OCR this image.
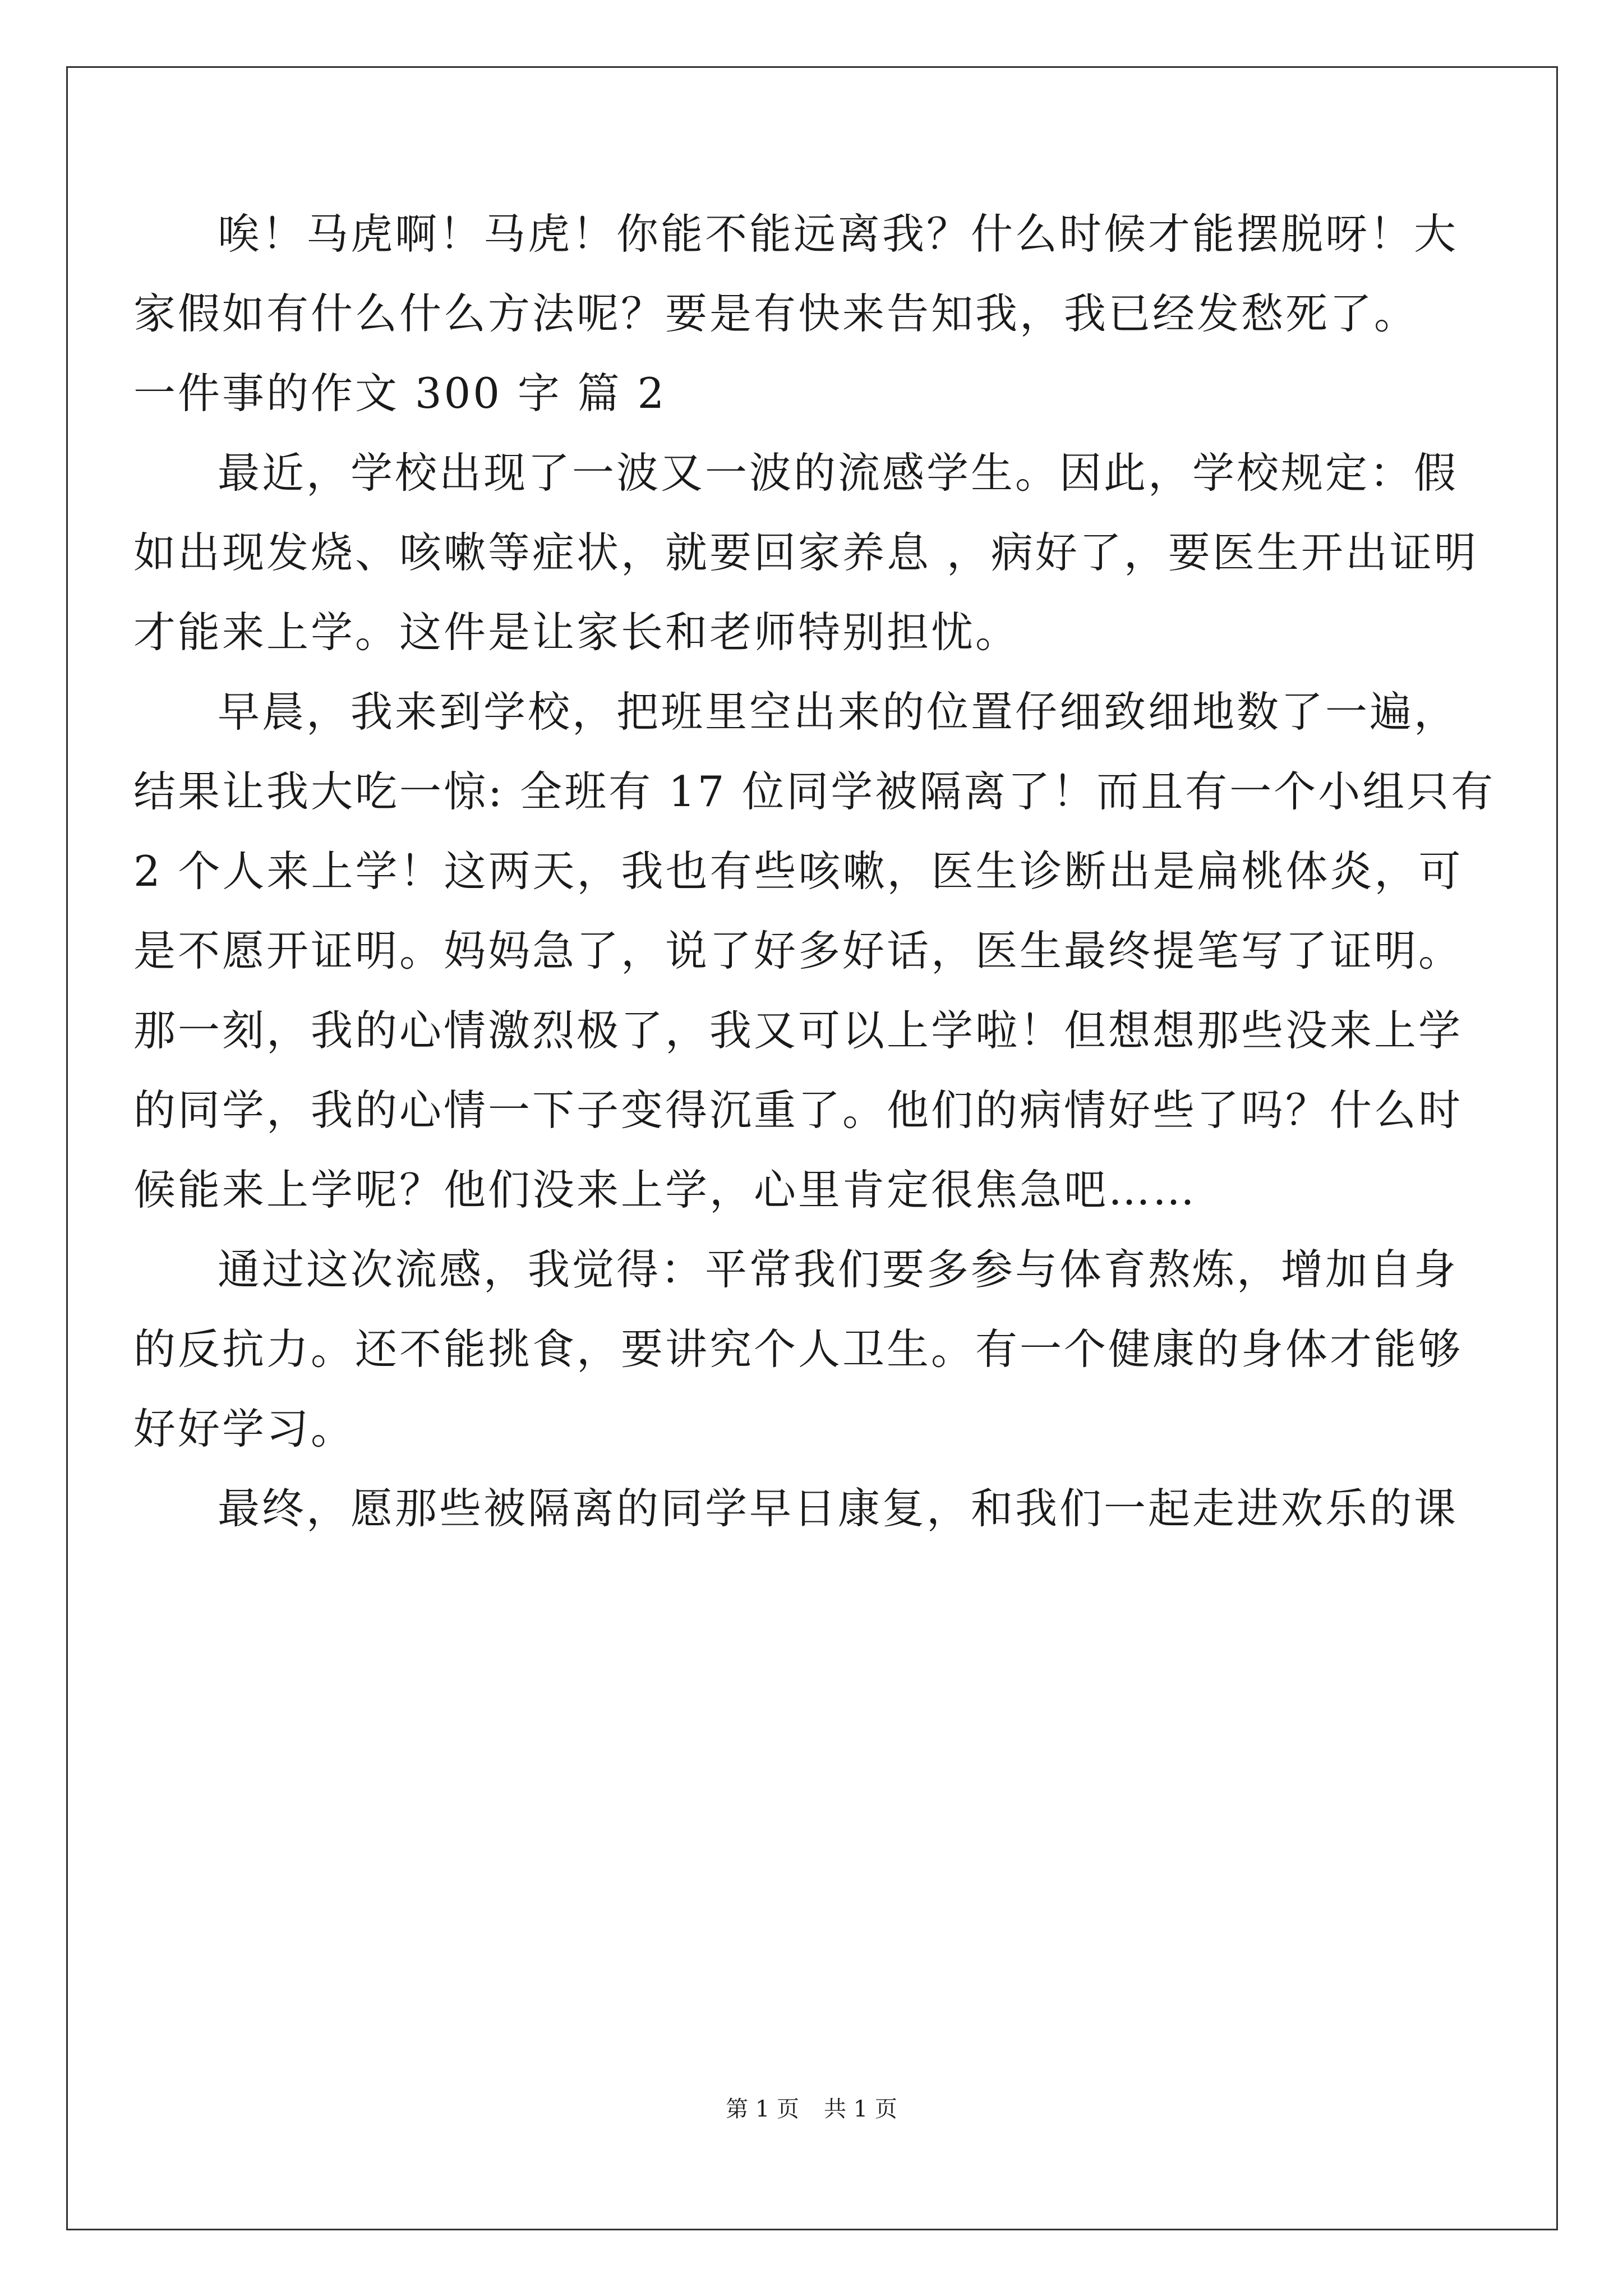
唉！马虎啊！马虎！你能不能远离我？什么时候才能摆脱呀！大
家假如有什么什么方法呢？要是有快来告知我，我已经发愁死了。
一件事的作文 300 字 篇 2
最近，学校出现了一波又一波的流感学生。因此，学校规定：假
如出现发烧、咳嗽等症状，就要回家养息 ，病好了，要医生开出证明
才能来上学。这件是让家长和老师特别担忧。
早晨，我来到学校，把班里空出来的位置仔细致细地数了一遍，
结果让我大吃一惊: 全班有 17 位同学被隔离了！而且有一个小组只有
2 个人来上学！这两天，我也有些咳嗽，医生诊断出是扁桃体炎，可
是不愿开证明。妈妈急了，说了好多好话，医生最终提笔写了证明。
那一刻，我的心情激烈极了，我又可以上学啦！但想想那些没来上学
的同学，我的心情一下子变得沉重了。他们的病情好些了吗？什么时
候能来上学呢？他们没来上学，心里肯定很焦急吧……
通过这次流感，我觉得：平常我们要多参与体育熬炼，增加自身
的反抗力。还不能挑食，要讲究个人卫生。有一个健康的身体才能够
好好学习。
最终，愿那些被隔离的同学早日康复，和我们一起走进欢乐的课
第 1 页 共 1 页
